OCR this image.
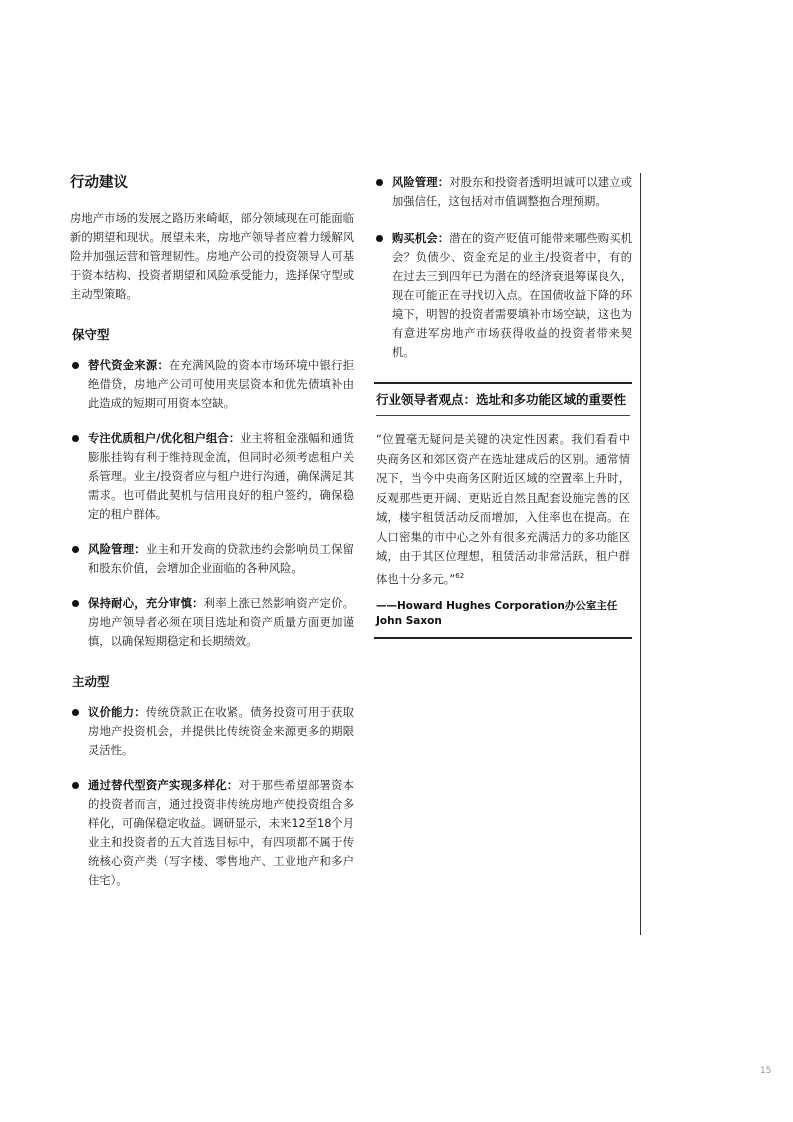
行动建议

房地产市场的发展之路历来崎岖，部分领域现在可能面临新的期望和现状。展望未来，房地产领导者应着力缓解风险并加强运营和管理韧性。房地产公司的投资领导人可基于资本结构、投资者期望和风险承受能力，选择保守型或主动型策略。

保守型
替代资金来源：在充满风险的资本市场环境中银行拒绝借贷，房地产公司可使用夹层资本和优先债填补由此造成的短期可用资本空缺。
专注优质租户/优化租户组合：业主将租金涨幅和通货膨胀挂钩有利于维持现金流，但同时必须考虑租户关系管理。业主/投资者应与租户进行沟通，确保满足其需求。也可借此契机与信用良好的租户签约，确保稳定的租户群体。
风险管理：业主和开发商的贷款违约会影响员工保留和股东价值，会增加企业面临的各种风险。
保持耐心，充分审慎：利率上涨已然影响资产定价。房地产领导者必须在项目选址和资产质量方面更加谨慎，以确保短期稳定和长期绩效。
主动型
议价能力：传统贷款正在收紧。债务投资可用于获取房地产投资机会，并提供比传统资金来源更多的期限灵活性。
通过替代型资产实现多样化：对于那些希望部署资本的投资者而言，通过投资非传统房地产使投资组合多样化，可确保稳定收益。调研显示，未来12至18个月业主和投资者的五大首选目标中，有四项都不属于传统核心资产类（写字楼、零售地产、工业地产和多户住宅）。
风险管理：对股东和投资者透明坦诚可以建立或加强信任，这包括对市值调整抱合理预期。
购买机会：潜在的资产贬值可能带来哪些购买机会？负债少、资金充足的业主/投资者中，有的在过去三到四年已为潜在的经济衰退筹谋良久，现在可能正在寻找切入点。在国债收益下降的环境下，明智的投资者需要填补市场空缺，这也为有意进军房地产市场获得收益的投资者带来契机。
行业领导者观点：选址和多功能区域的重要性

“位置毫无疑问是关键的决定性因素。我们看看中央商务区和郊区资产在选址建成后的区别。通常情况下，当今中央商务区附近区域的空置率上升时，反观那些更开阔、更贴近自然且配套设施完善的区域，楼宇租赁活动反而增加，入住率也在提高。在人口密集的市中心之外有很多充满活力的多功能区域，由于其区位理想，租赁活动非常活跃，租户群体也十分多元。”$^{62}$

——Howard Hughes Corporation办公室主任
John Saxon

15
